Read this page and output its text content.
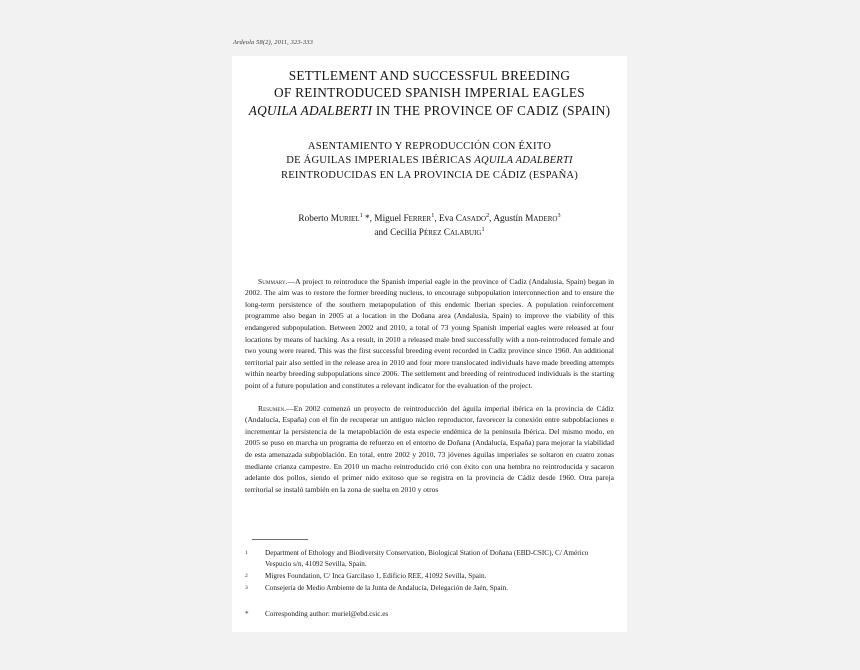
Ardeola 58(2), 2011, 323-333
SETTLEMENT AND SUCCESSFUL BREEDING
OF REINTRODUCED SPANISH IMPERIAL EAGLES
AQUILA ADALBERTI IN THE PROVINCE OF CADIZ (SPAIN)
ASENTAMIENTO Y REPRODUCCIÓN CON ÉXITO
DE ÁGUILAS IMPERIALES IBÉRICAS AQUILA ADALBERTI
REINTRODUCIDAS EN LA PROVINCIA DE CÁDIZ (ESPAÑA)
Roberto Muriel$^1$ *, Miguel Ferrer$^1$, Eva Casado$^2$, Agustín Madero$^3$
and Cecilia Pérez Calabuig$^1$

Summary.—A project to reintroduce the Spanish imperial eagle in the province of Cadiz (Andalusia, Spain) began in 2002. The aim was to restore the former breeding nucleus, to encourage subpopulation interconnection and to ensure the long-term persistence of the southern metapopulation of this endemic Iberian species. A population reinforcement programme also began in 2005 at a location in the Doñana area (Andalusia, Spain) to improve the viability of this endangered subpopulation. Between 2002 and 2010, a total of 73 young Spanish imperial eagles were released at four locations by means of hacking. As a result, in 2010 a released male bred successfully with a non-reintroduced female and two young were reared. This was the first successful breeding event recorded in Cadiz province since 1960. An additional territorial pair also settled in the release area in 2010 and four more translocated individuals have made breeding attempts within nearby breeding subpopulations since 2006. The settlement and breeding of reintroduced individuals is the starting point of a future population and constitutes a relevant indicator for the evaluation of the project.

Resumen.—En 2002 comenzó un proyecto de reintroducción del águila imperial ibérica en la provincia de Cádiz (Andalucía, España) con el fin de recuperar un antiguo núcleo reproductor, favorecer la conexión entre subpoblaciones e incrementar la persistencia de la metapoblación de esta especie endémica de la península Ibérica. Del mismo modo, en 2005 se puso en marcha un programa de refuerzo en el entorno de Doñana (Andalucía, España) para mejorar la viabilidad de esta amenazada subpoblación. En total, entre 2002 y 2010, 73 jóvenes águilas imperiales se soltaron en cuatro zonas mediante crianza campestre. En 2010 un macho reintroducido crió con éxito con una hembra no reintroducida y sacaron adelante dos pollos, siendo el primer nido exitoso que se registra en la provincia de Cádiz desde 1960. Otra pareja territorial se instaló también en la zona de suelta en 2010 y otros

1	Department of Ethology and Biodiversity Conservation, Biological Station of Doñana (EBD-CSIC), C/ Américo Vespucio s/n, 41092 Sevilla, Spain.
2	Migres Foundation, C/ Inca Garcilaso 1, Edificio REE, 41092 Sevilla, Spain.
3	Consejería de Medio Ambiente de la Junta de Andalucía, Delegación de Jaén, Spain.
*	Corresponding author: muriel@ebd.csic.es
